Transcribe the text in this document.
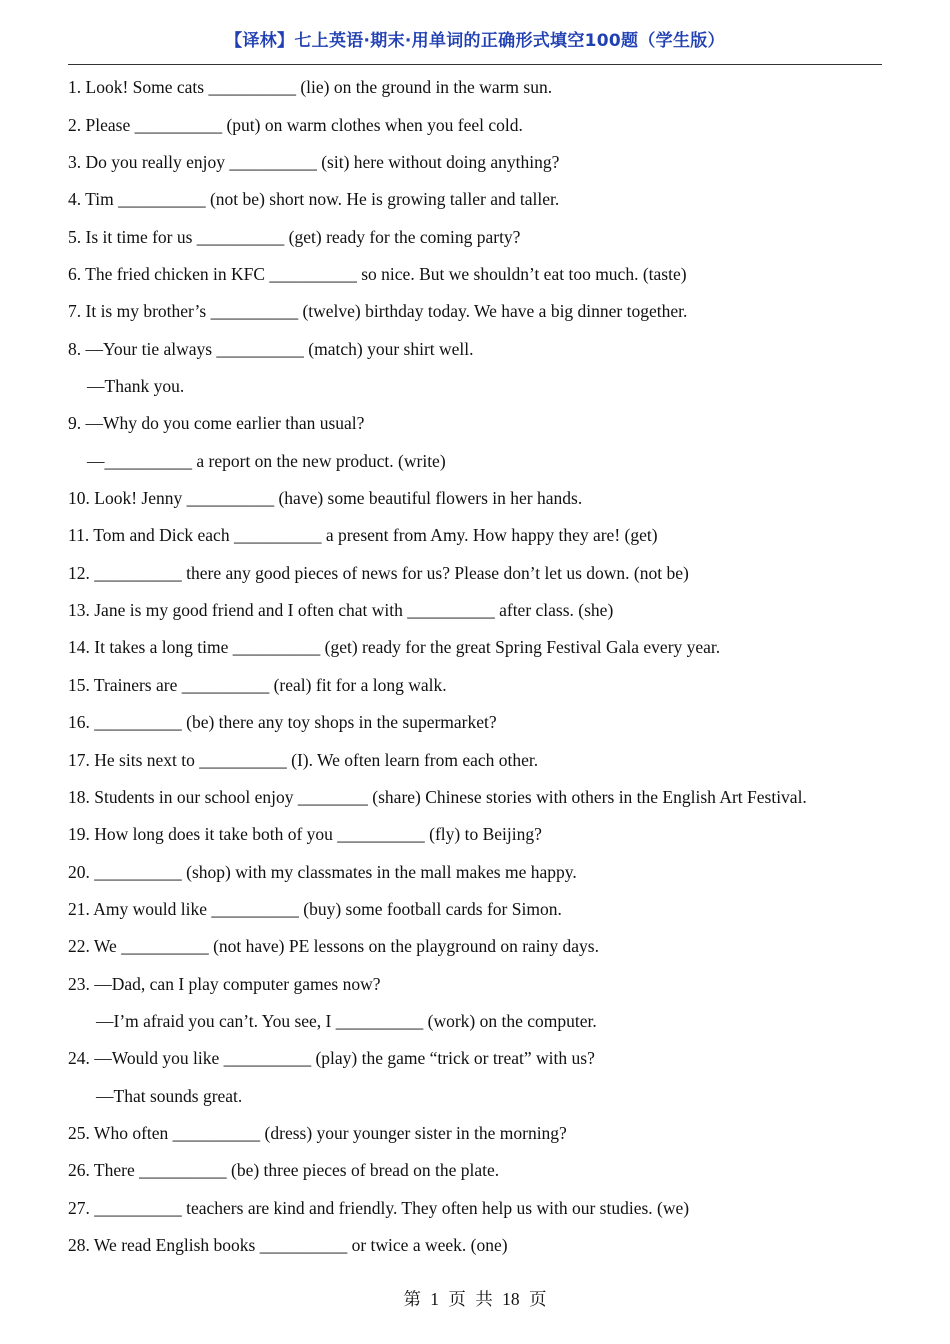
【译林】七上英语·期末·用单词的正确形式填空100题（学生版）
1. Look! Some cats __________ (lie) on the ground in the warm sun.
2. Please __________ (put) on warm clothes when you feel cold.
3. Do you really enjoy __________ (sit) here without doing anything?
4. Tim __________ (not be) short now. He is growing taller and taller.
5. Is it time for us __________ (get) ready for the coming party?
6. The fried chicken in KFC __________ so nice. But we shouldn’t eat too much. (taste)
7. It is my brother’s __________ (twelve) birthday today. We have a big dinner together.
8. —Your tie always __________ (match) your shirt well.
—Thank you.
9. —Why do you come earlier than usual?
—__________ a report on the new product. (write)
10. Look! Jenny __________ (have) some beautiful flowers in her hands.
11. Tom and Dick each __________ a present from Amy. How happy they are! (get)
12. __________ there any good pieces of news for us? Please don’t let us down. (not be)
13. Jane is my good friend and I often chat with __________ after class. (she)
14. It takes a long time __________ (get) ready for the great Spring Festival Gala every year.
15. Trainers are __________ (real) fit for a long walk.
16. __________ (be) there any toy shops in the supermarket?
17. He sits next to __________ (I). We often learn from each other.
18. Students in our school enjoy ________ (share) Chinese stories with others in the English Art Festival.
19. How long does it take both of you __________ (fly) to Beijing?
20. __________ (shop) with my classmates in the mall makes me happy.
21. Amy would like __________ (buy) some football cards for Simon.
22. We __________ (not have) PE lessons on the playground on rainy days.
23. —Dad, can I play computer games now?
—I’m afraid you can’t. You see, I __________ (work) on the computer.
24. —Would you like __________ (play) the game “trick or treat” with us?
—That sounds great.
25. Who often __________ (dress) your younger sister in the morning?
26. There __________ (be) three pieces of bread on the plate.
27. __________ teachers are kind and friendly. They often help us with our studies. (we)
28. We read English books __________ or twice a week. (one)
第 1 页 共 18 页
